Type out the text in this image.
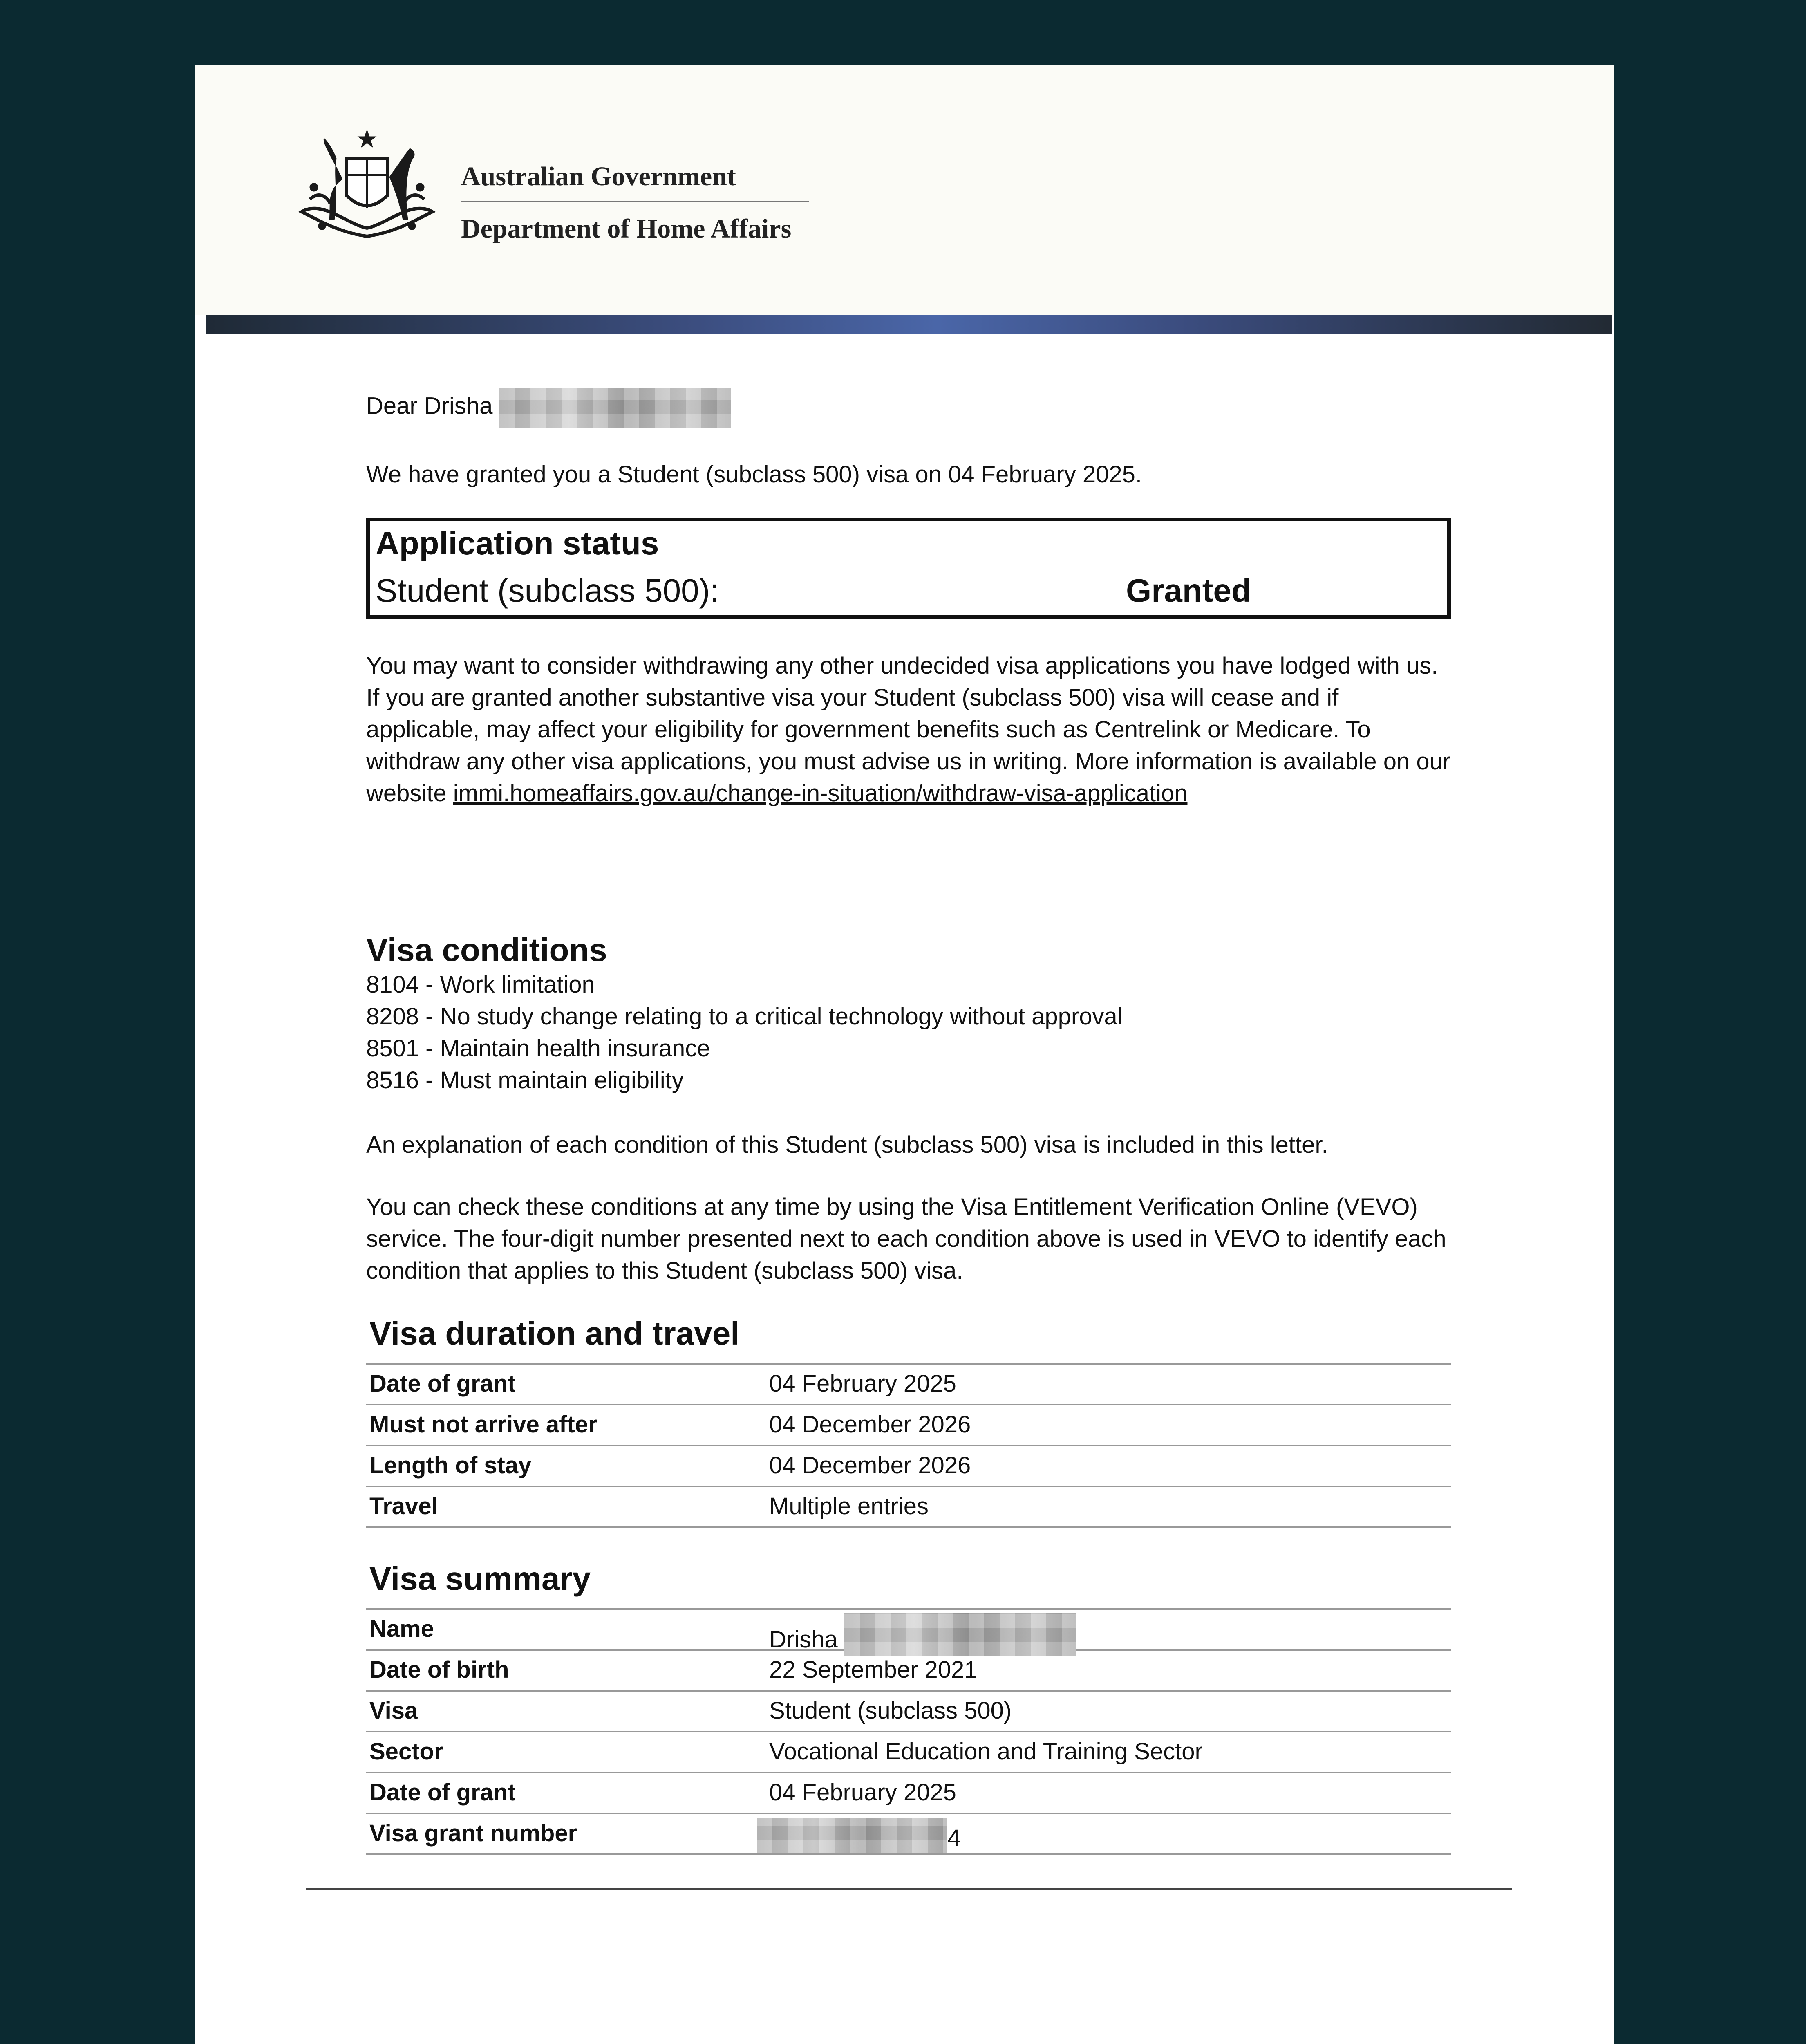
Australian Government
Department of Home Affairs

Dear Drisha

We have granted you a Student (subclass 500) visa on 04 February 2025.

Application status
Student (subclass 500):	Granted

You may want to consider withdrawing any other undecided visa applications you have lodged with us. If you are granted another substantive visa your Student (subclass 500) visa will cease and if applicable, may affect your eligibility for government benefits such as Centrelink or Medicare. To withdraw any other visa applications, you must advise us in writing. More information is available on our website immi.homeaffairs.gov.au/change-in-situation/withdraw-visa-application

Visa conditions
8104 - Work limitation
8208 - No study change relating to a critical technology without approval
8501 - Maintain health insurance
8516 - Must maintain eligibility

An explanation of each condition of this Student (subclass 500) visa is included in this letter.

You can check these conditions at any time by using the Visa Entitlement Verification Online (VEVO) service. The four-digit number presented next to each condition above is used in VEVO to identify each condition that applies to this Student (subclass 500) visa.

Visa duration and travel
Date of grant	04 February 2025
Must not arrive after	04 December 2026
Length of stay	04 December 2026
Travel	Multiple entries
Visa summary
Name	Drisha
Date of birth	22 September 2021
Visa	Student (subclass 500)
Sector	Vocational Education and Training Sector
Date of grant	04 February 2025
Visa grant number	4
